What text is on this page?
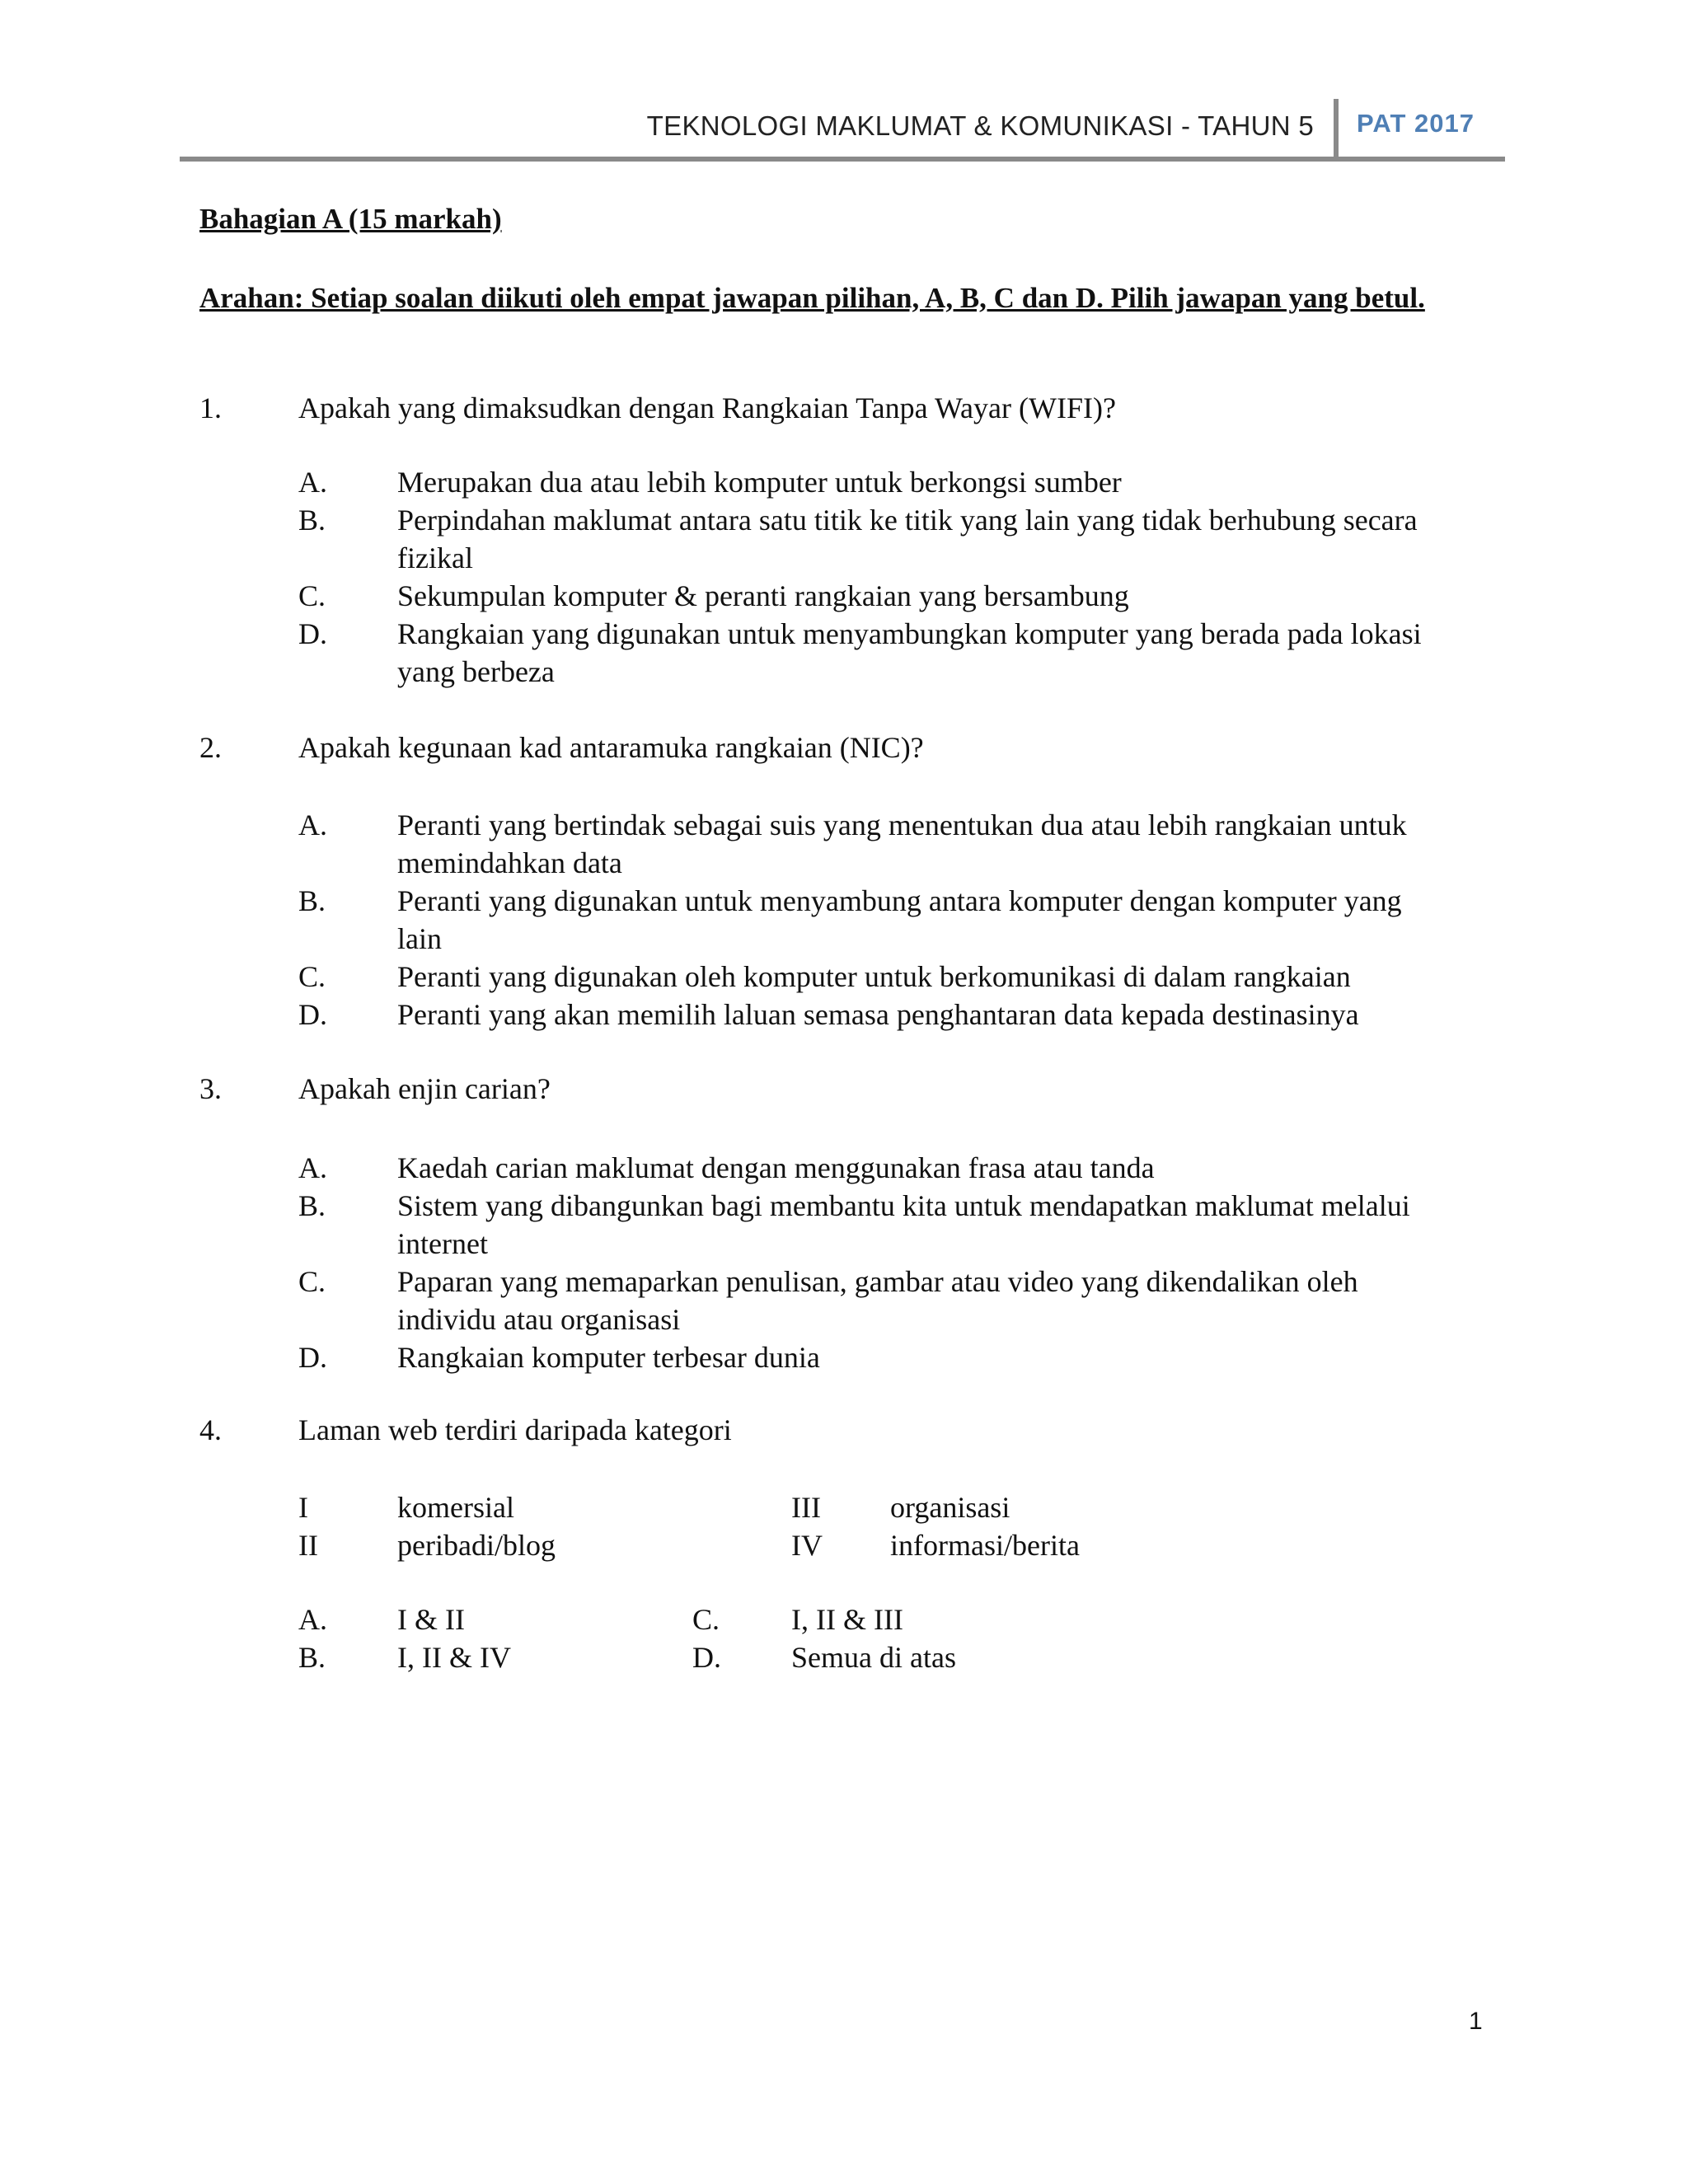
TEKNOLOGI MAKLUMAT & KOMUNIKASI - TAHUN 5 PAT 2017
Bahagian A (15 markah)
Arahan: Setiap soalan diikuti oleh empat jawapan pilihan, A, B, C dan D. Pilih jawapan yang betul.
1.	Apakah yang dimaksudkan dengan Rangkaian Tanpa Wayar (WIFI)?
A. Merupakan dua atau lebih komputer untuk berkongsi sumber
B. Perpindahan maklumat antara satu titik ke titik yang lain yang tidak berhubung secara fizikal
C. Sekumpulan komputer & peranti rangkaian yang bersambung
D. Rangkaian yang digunakan untuk menyambungkan komputer yang berada pada lokasi yang berbeza
2.	Apakah kegunaan kad antaramuka rangkaian (NIC)?
A. Peranti yang bertindak sebagai suis yang menentukan dua atau lebih rangkaian untuk memindahkan data
B. Peranti yang digunakan untuk menyambung antara komputer dengan komputer yang lain
C. Peranti yang digunakan oleh komputer untuk berkomunikasi di dalam rangkaian
D. Peranti yang akan memilih laluan semasa penghantaran data kepada destinasinya
3.	Apakah enjin carian?
A. Kaedah carian maklumat dengan menggunakan frasa atau tanda
B. Sistem yang dibangunkan bagi membantu kita untuk mendapatkan maklumat melalui internet
C. Paparan yang memaparkan penulisan, gambar atau video yang dikendalikan oleh individu atau organisasi
D. Rangkaian komputer terbesar dunia
4.	Laman web terdiri daripada kategori
I	komersial	III organisasi
II	peribadi/blog	IV informasi/berita
A. I & II	C. I, II & III
B. I, II & IV	D. Semua di atas
1
